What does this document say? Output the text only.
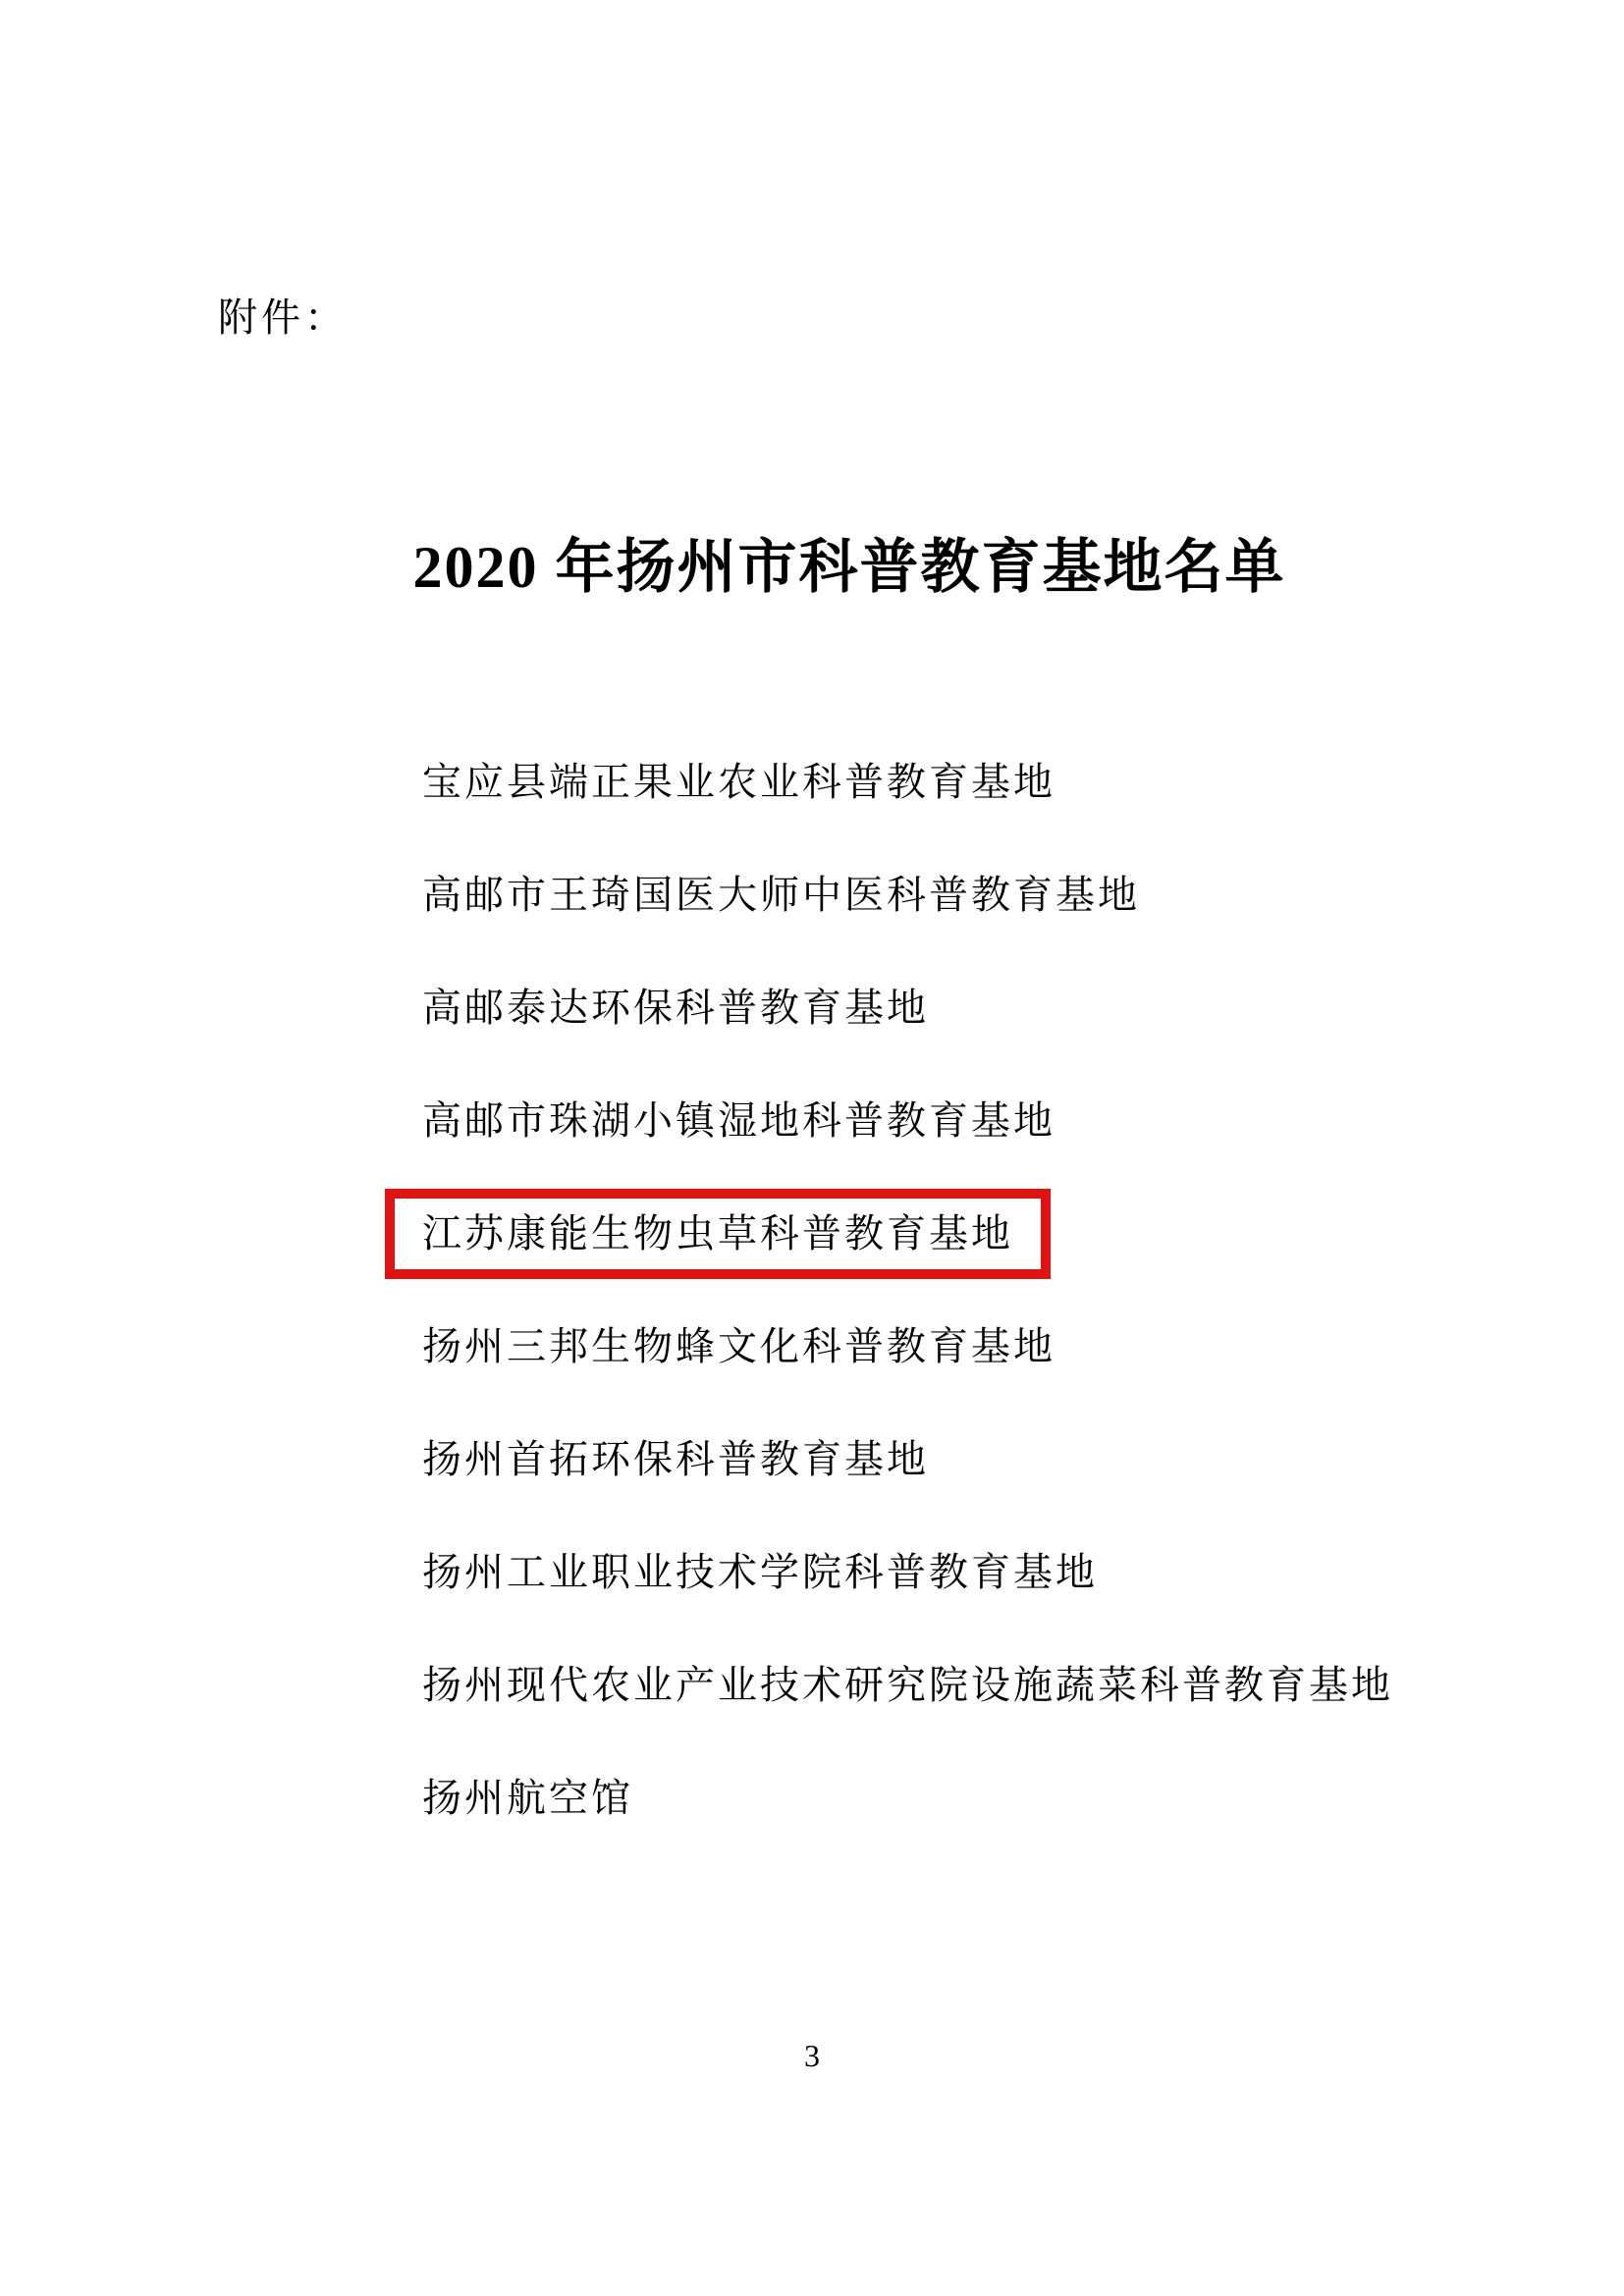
附件：
2020 年扬州市科普教育基地名单
宝应县端正果业农业科普教育基地
高邮市王琦国医大师中医科普教育基地
高邮泰达环保科普教育基地
高邮市珠湖小镇湿地科普教育基地
江苏康能生物虫草科普教育基地
扬州三邦生物蜂文化科普教育基地
扬州首拓环保科普教育基地
扬州工业职业技术学院科普教育基地
扬州现代农业产业技术研究院设施蔬菜科普教育基地
扬州航空馆
3
